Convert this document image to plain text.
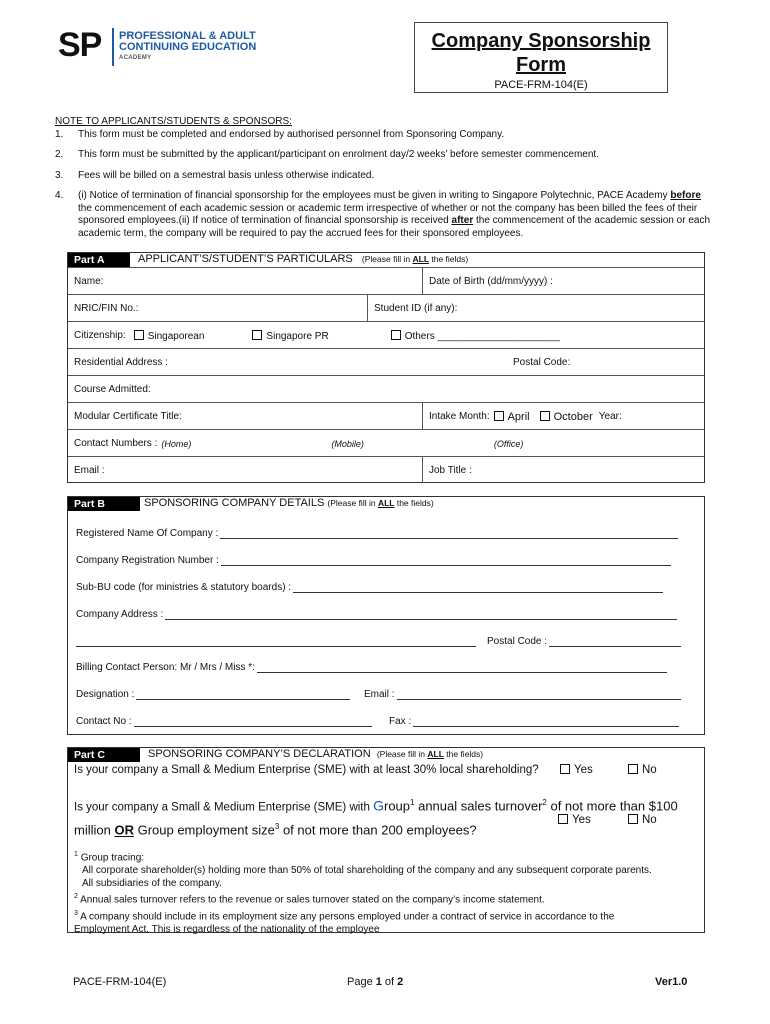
SP PROFESSIONAL & ADULT
CONTINUING EDUCATION
ACADEMY
Company Sponsorship
Form
PACE-FRM-104(E)
NOTE TO APPLICANTS/STUDENTS & SPONSORS:
1. This form must be completed and endorsed by authorised personnel from Sponsoring Company.
2. This form must be submitted by the applicant/participant on enrolment day/2 weeks’ before semester commencement.
3. Fees will be billed on a semestral basis unless otherwise indicated.
4. (i) Notice of termination of financial sponsorship for the employees must be given in writing to Singapore Polytechnic, PACE Academy before the commencement of each academic session or academic term irrespective of whether or not the company has been billed the fees of their sponsored employees.(ii) If notice of termination of financial sponsorship is received after the commencement of the academic session or each academic term, the company will be required to pay the accrued fees for their sponsored employees.
Part A	APPLICANT’S/STUDENT’S PARTICULARS (Please fill in ALL the fields)
Name:	Date of Birth (dd/mm/yyyy) :
NRIC/FIN No.:	Student ID (if any):
Citizenship:	Singaporean	Singapore PR	Others ______________________
Residential Address :	Postal Code:
Course Admitted:
Modular Certificate Title:	Intake Month:	April	October Year:
Contact Numbers : (Home)	(Mobile)	(Office)
Email :	Job Title :
Part B	SPONSORING COMPANY DETAILS (Please fill in ALL the fields)
Registered Name Of Company :
Company Registration Number :
Sub-BU code (for ministries & statutory boards) :
Company Address :
Postal Code :
Billing Contact Person: Mr / Mrs / Miss *:
Designation :	Email :
Contact No :	Fax :
Part C	SPONSORING COMPANY’S DECLARATION (Please fill in ALL the fields)
Is your company a Small & Medium Enterprise (SME) with at least 30% local shareholding?	Yes	No
Is your company a Small & Medium Enterprise (SME) with Group$^1$ annual sales turnover$^2$ of not more than $100
million OR Group employment size$^3$ of not more than 200 employees?
Yes	No
$^1$ Group tracing:
All corporate shareholder(s) holding more than 50% of total shareholding of the company and any subsequent corporate parents.
All subsidiaries of the company.
$^2$ Annual sales turnover refers to the revenue or sales turnover stated on the company’s income statement.
$^3$ A company should include in its employment size any persons employed under a contract of service in accordance to the
Employment Act. This is regardless of the nationality of the employee
PACE-FRM-104(E)	Page 1 of 2	Ver1.0
